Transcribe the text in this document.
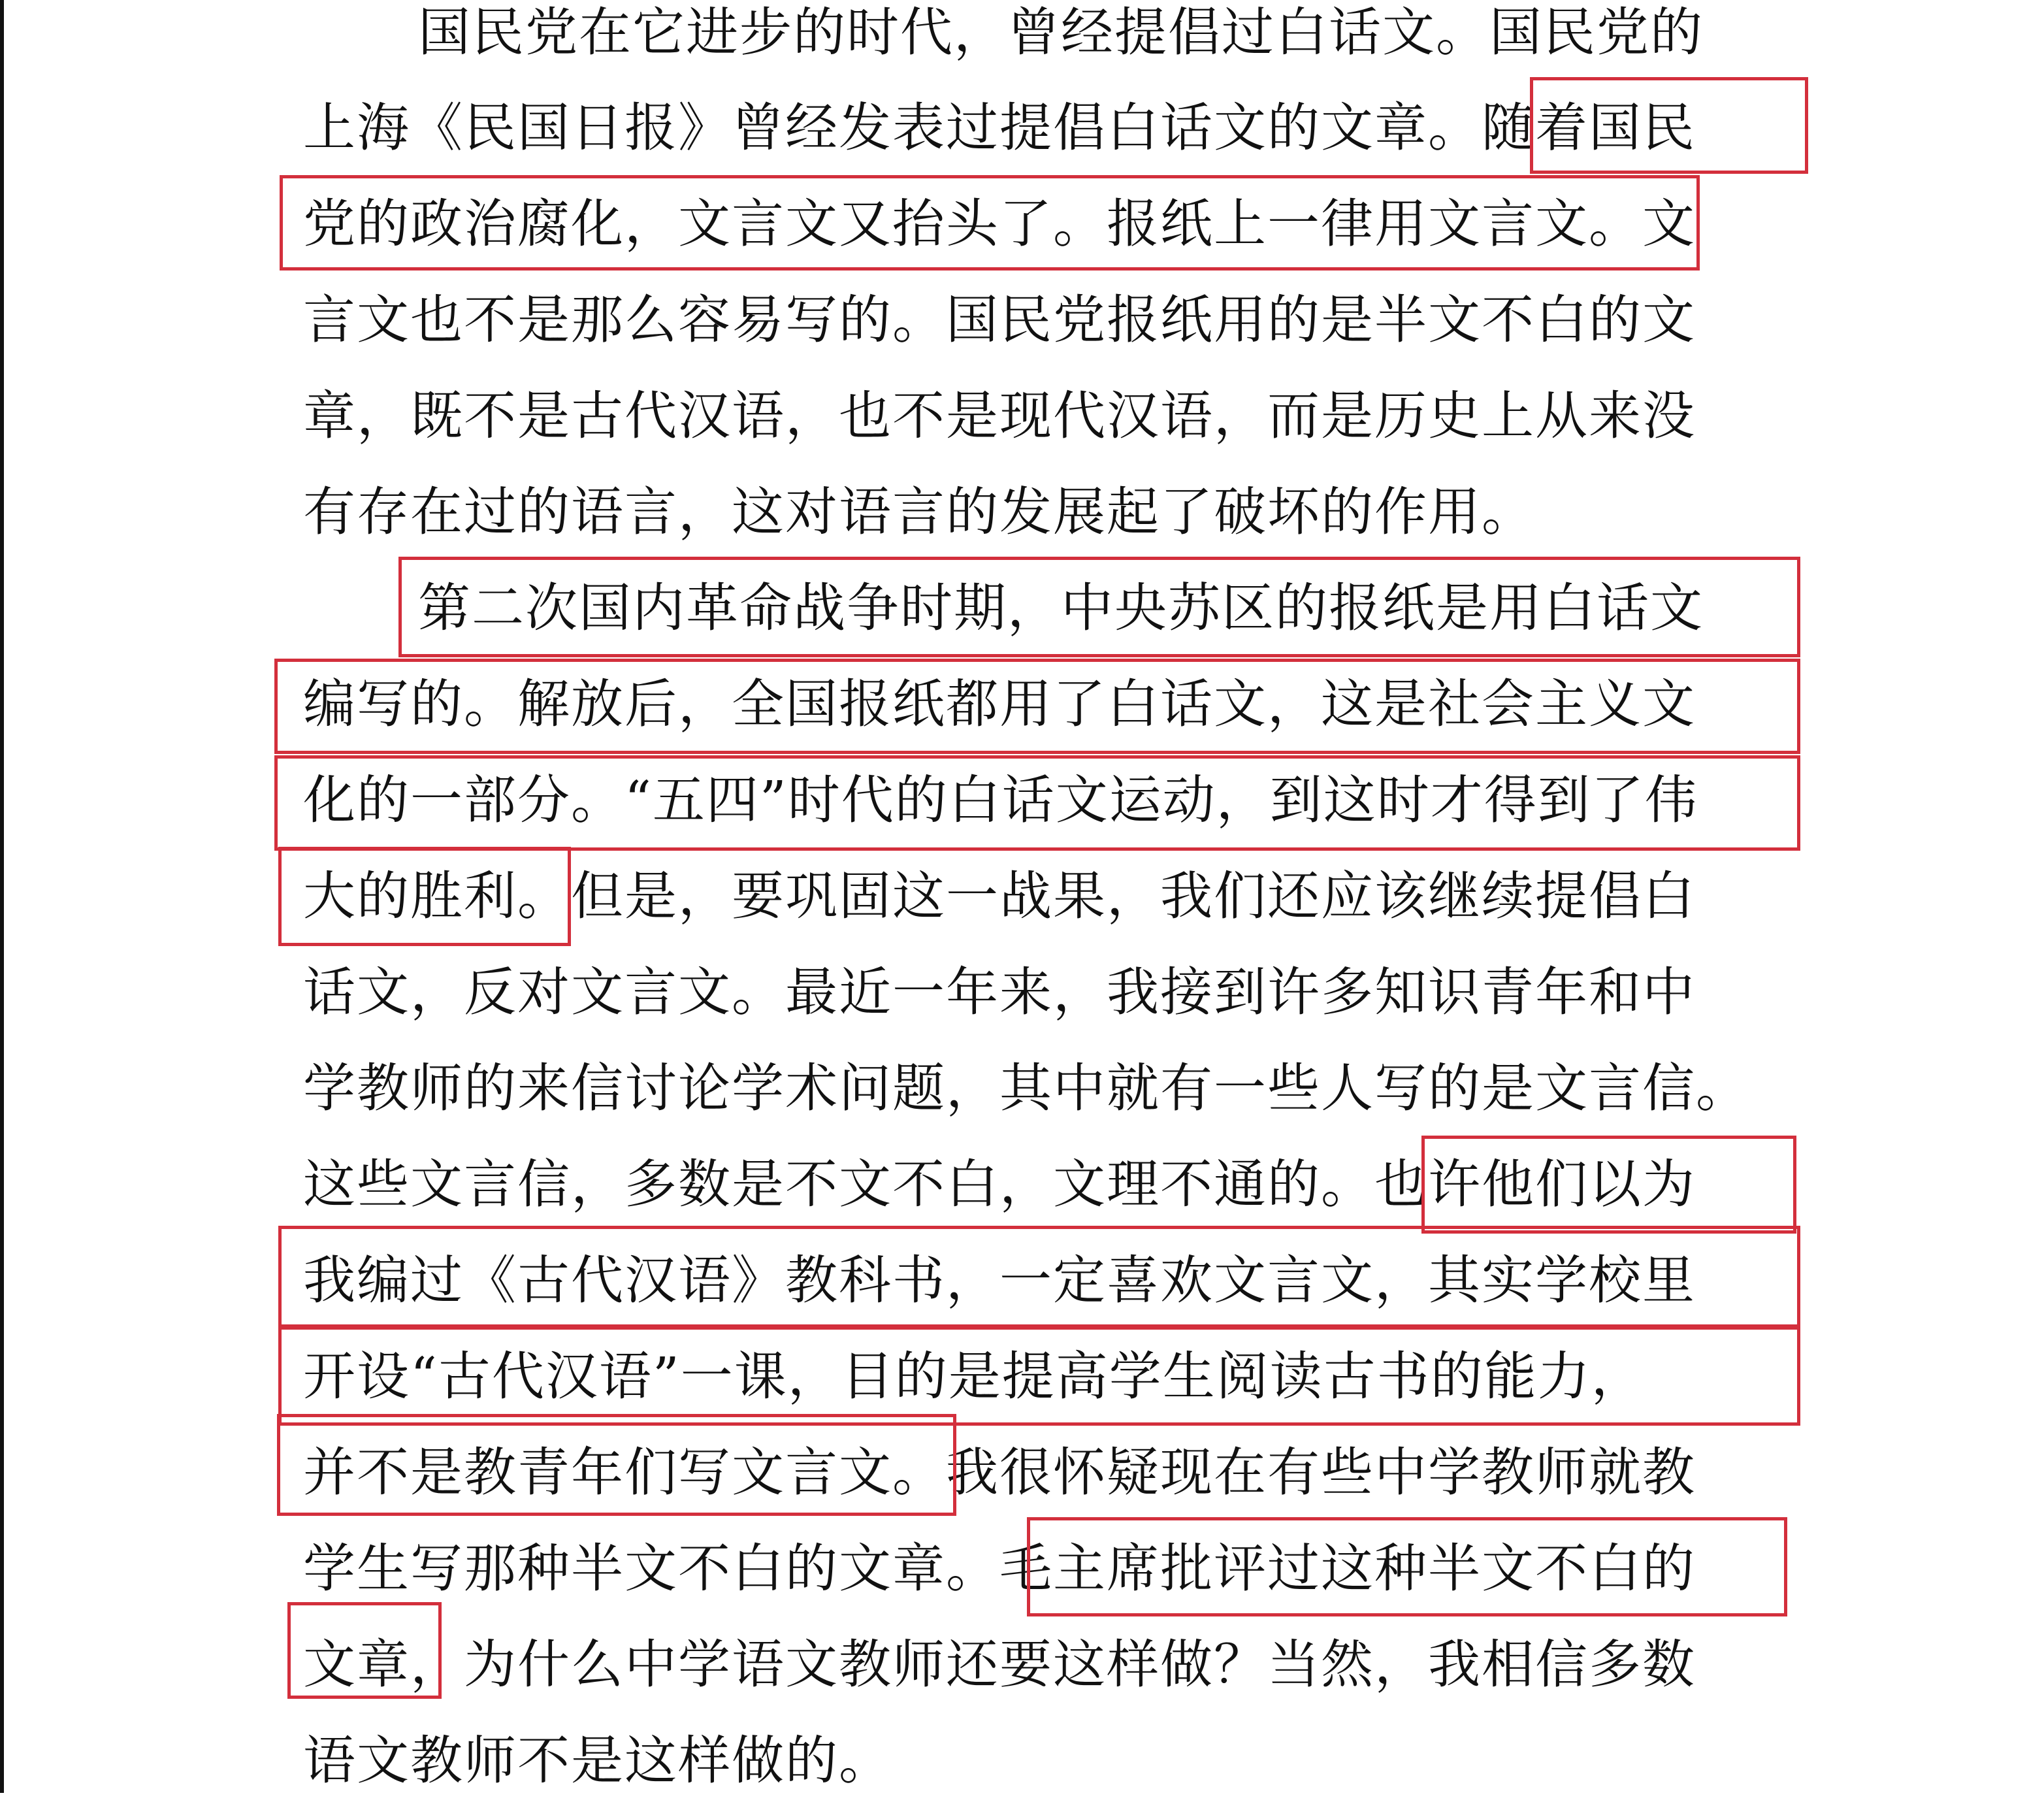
国民党在它进步的时代，曾经提倡过白话文。国民党的
上海《民国日报》曾经发表过提倡白话文的文章。随着国民
党的政治腐化，文言文又抬头了。报纸上一律用文言文。文
言文也不是那么容易写的。国民党报纸用的是半文不白的文
章，既不是古代汉语，也不是现代汉语，而是历史上从来没
有存在过的语言，这对语言的发展起了破坏的作用。
第二次国内革命战争时期，中央苏区的报纸是用白话文
编写的。解放后，全国报纸都用了白话文，这是社会主义文
化的一部分。“五四”时代的白话文运动，到这时才得到了伟
大的胜利。但是，要巩固这一战果，我们还应该继续提倡白
话文，反对文言文。最近一年来，我接到许多知识青年和中
学教师的来信讨论学术问题，其中就有一些人写的是文言信。
这些文言信，多数是不文不白，文理不通的。也许他们以为
我编过《古代汉语》教科书，一定喜欢文言文，其实学校里
开设“古代汉语”一课，目的是提高学生阅读古书的能力，
并不是教青年们写文言文。我很怀疑现在有些中学教师就教
学生写那种半文不白的文章。毛主席批评过这种半文不白的
文章，为什么中学语文教师还要这样做？当然，我相信多数
语文教师不是这样做的。
